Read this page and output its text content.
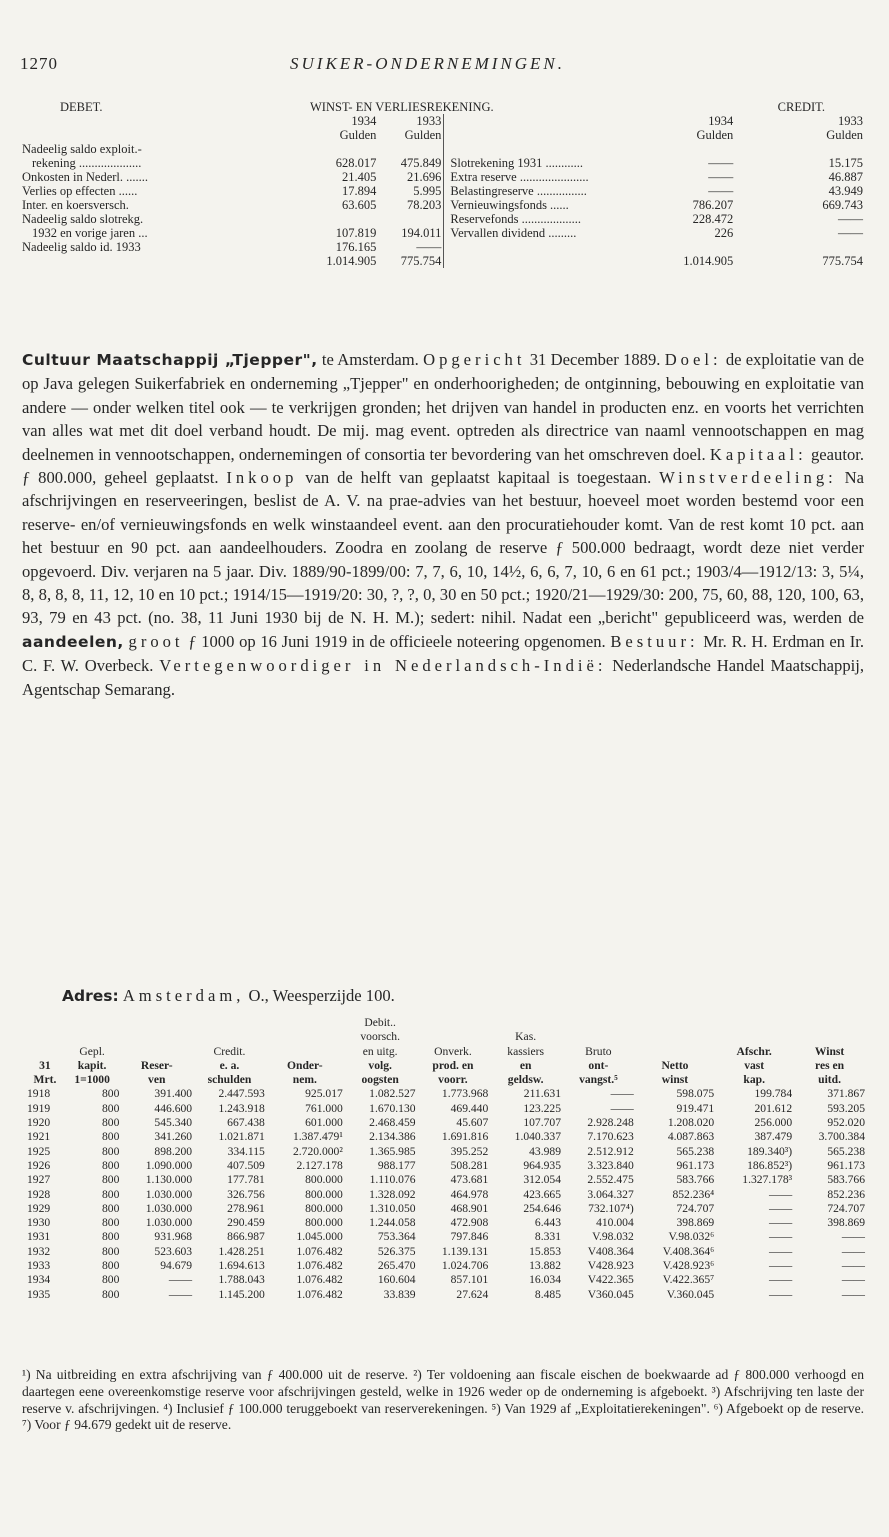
1270	SUIKER-ONDERNEMINGEN.
DEBET.	WINST- EN VERLIESREKENING.				CREDIT.
	1934	1933		1934	1933
	Gulden	Gulden		Gulden	Gulden
Nadeelig saldo exploit.-					
rekening ....................	628.017	475.849	Slotrekening 1931 ............	——	15.175
Onkosten in Nederl. .......	21.405	21.696	Extra reserve ......................	——	46.887
Verlies op effecten ......	17.894	5.995	Belastingreserve ................	——	43.949
Inter. en koersversch.	63.605	78.203	Vernieuwingsfonds ......	786.207	669.743
Nadeelig saldo slotrekg.			Reservefonds ...................	228.472	——
1932 en vorige jaren ...	107.819	194.011	Vervallen dividend .........	226	——
Nadeelig saldo id. 1933	176.165	——			
	1.014.905	775.754		1.014.905	775.754
Cultuur Maatschappij „Tjepper", te Amsterdam. Opgericht 31 December 1889. Doel: de exploitatie van de op Java gelegen Suikerfabriek en onderneming „Tjepper" en onderhoorigheden; de ontginning, bebouwing en exploitatie van andere — onder welken titel ook — te verkrijgen gronden; het drijven van handel in producten enz. en voorts het verrichten van alles wat met dit doel verband houdt. De mij. mag event. optreden als directrice van naaml vennootschappen en mag deelnemen in vennootschappen, ondernemingen of consortia ter bevordering van het omschreven doel. Kapitaal: geautor. ƒ 800.000, geheel geplaatst. Inkoop van de helft van geplaatst kapitaal is toegestaan. Winstverdeeling: Na afschrijvingen en reserveeringen, beslist de A. V. na prae-advies van het bestuur, hoeveel moet worden bestemd voor een reserve- en/of vernieuwingsfonds en welk winstaandeel event. aan den procuratiehouder komt. Van de rest komt 10 pct. aan het bestuur en 90 pct. aan aandeelhouders. Zoodra en zoolang de reserve ƒ 500.000 bedraagt, wordt deze niet verder opgevoerd. Div. verjaren na 5 jaar. Div. 1889/90-1899/00: 7, 7, 6, 10, 14½, 6, 6, 7, 10, 6 en 61 pct.; 1903/4—1912/13: 3, 5¼, 8, 8, 8, 8, 11, 12, 10 en 10 pct.; 1914/15—1919/20: 30, ?, ?, 0, 30 en 50 pct.; 1920/21—1929/30: 200, 75, 60, 88, 120, 100, 63, 93, 79 en 43 pct. (no. 38, 11 Juni 1930 bij de N. H. M.); sedert: nihil. Nadat een „bericht" gepubliceerd was, werden de aandeelen, groot ƒ 1000 op 16 Juni 1919 in de officieele noteering opgenomen. Bestuur: Mr. R. H. Erdman en Ir. C. F. W. Overbeck. Vertegenwoordiger in Nederlandsch-Indië: Nederlandsche Handel Maatschappij, Agentschap Semarang.
Adres: Amsterdam, O., Weesperzijde 100.
					Debit..						
					voorsch.		Kas.				
	Gepl.		Credit.		en uitg.	Onverk.	kassiers	Bruto		Afschr.	Winst
31	kapit.	Reser-	e. a.	Onder-	volg.	prod. en	en	ont-	Netto	vast	res en
Mrt.	1=1000	ven	schulden	nem.	oogsten	voorr.	geldsw.	vangst.⁵	winst	kap.	uitd.
1918	800	391.400	2.447.593	925.017	1.082.527	1.773.968	211.631	——	598.075	199.784	371.867
1919	800	446.600	1.243.918	761.000	1.670.130	469.440	123.225	——	919.471	201.612	593.205
1920	800	545.340	667.438	601.000	2.468.459	45.607	107.707	2.928.248	1.208.020	256.000	952.020
1921	800	341.260	1.021.871	1.387.479¹	2.134.386	1.691.816	1.040.337	7.170.623	4.087.863	387.479	3.700.384
1925	800	898.200	334.115	2.720.000²	1.365.985	395.252	43.989	2.512.912	565.238	189.340³)	565.238
1926	800	1.090.000	407.509	2.127.178	988.177	508.281	964.935	3.323.840	961.173	186.852³)	961.173
1927	800	1.130.000	177.781	800.000	1.110.076	473.681	312.054	2.552.475	583.766	1.327.178³	583.766
1928	800	1.030.000	326.756	800.000	1.328.092	464.978	423.665	3.064.327	852.236⁴	——	852.236
1929	800	1.030.000	278.961	800.000	1.310.050	468.901	254.646	732.107⁴)	724.707	——	724.707
1930	800	1.030.000	290.459	800.000	1.244.058	472.908	6.443	410.004	398.869	——	398.869
1931	800	931.968	866.987	1.045.000	753.364	797.846	8.331	V.98.032	V.98.032⁶	——	——
1932	800	523.603	1.428.251	1.076.482	526.375	1.139.131	15.853	V408.364	V.408.364⁶	——	——
1933	800	94.679	1.694.613	1.076.482	265.470	1.024.706	13.882	V428.923	V.428.923⁶	——	——
1934	800	——	1.788.043	1.076.482	160.604	857.101	16.034	V422.365	V.422.365⁷	——	——
1935	800	——	1.145.200	1.076.482	33.839	27.624	8.485	V360.045	V.360.045	——	——
¹) Na uitbreiding en extra afschrijving van ƒ 400.000 uit de reserve. ²) Ter voldoening aan fiscale eischen de boekwaarde ad ƒ 800.000 verhoogd en daartegen eene overeenkomstige reserve voor afschrijvingen gesteld, welke in 1926 weder op de onderneming is afgeboekt. ³) Afschrijving ten laste der reserve v. afschrijvingen. ⁴) Inclusief ƒ 100.000 teruggeboekt van reserverekeningen. ⁵) Van 1929 af „Exploitatierekeningen". ⁶) Afgeboekt op de reserve. ⁷) Voor ƒ 94.679 gedekt uit de reserve.
